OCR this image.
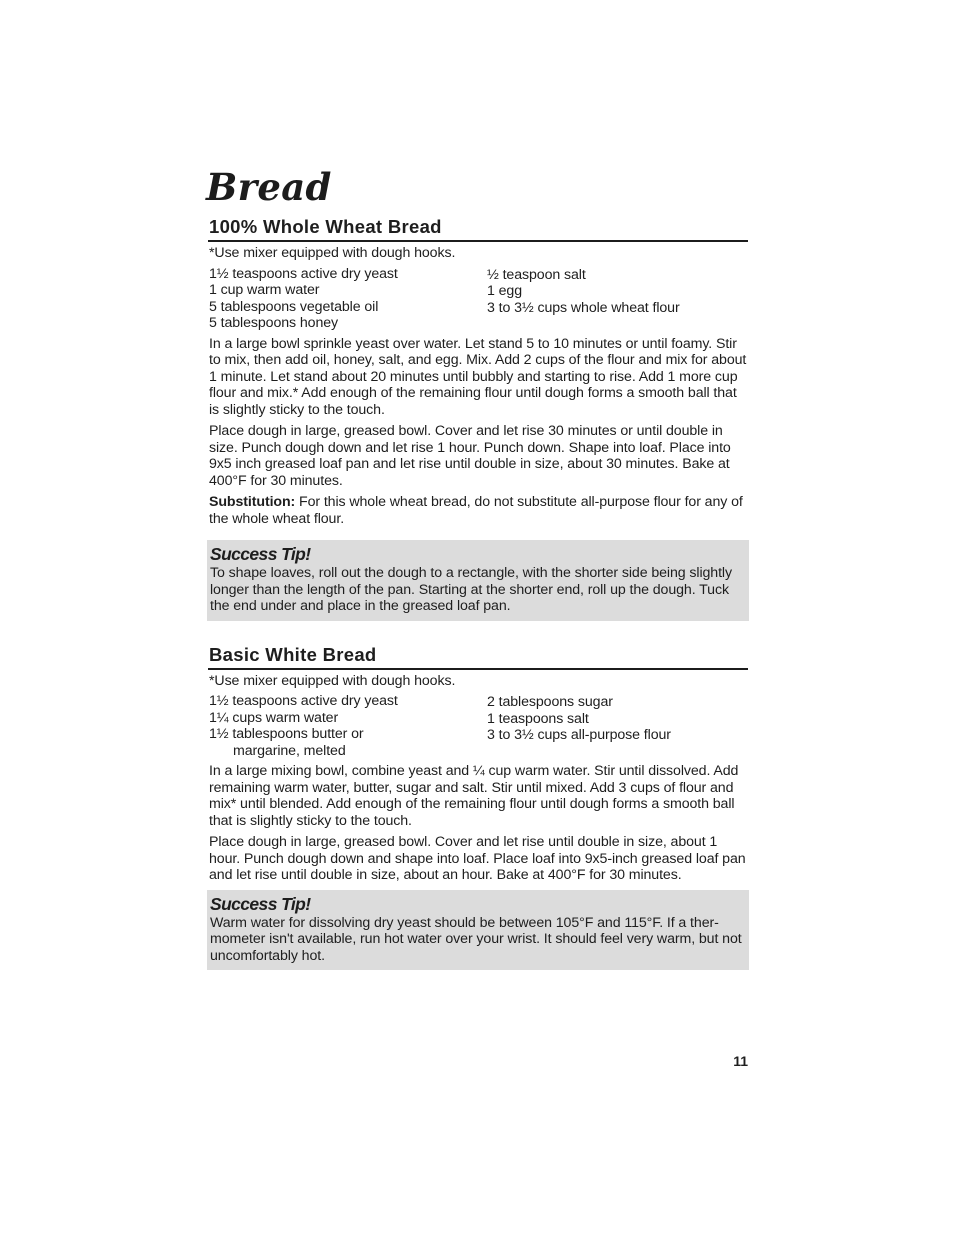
Bread
100% Whole Wheat Bread

*Use mixer equipped with dough hooks.

1½ teaspoons active dry yeast
1 cup warm water
5 tablespoons vegetable oil
5 tablespoons honey
½ teaspoon salt
1 egg
3 to 3½ cups whole wheat flour

In a large bowl sprinkle yeast over water. Let stand 5 to 10 minutes or until foamy. Stir to mix, then add oil, honey, salt, and egg. Mix. Add 2 cups of the flour and mix for about 1 minute. Let stand about 20 minutes until bubbly and starting to rise. Add 1 more cup flour and mix.* Add enough of the remaining flour until dough forms a smooth ball that is slightly sticky to the touch.

Place dough in large, greased bowl. Cover and let rise 30 minutes or until double in size. Punch dough down and let rise 1 hour. Punch down. Shape into loaf. Place into 9x5 inch greased loaf pan and let rise until double in size, about 30 minutes. Bake at 400°F for 30 minutes.

Substitution: For this whole wheat bread, do not substitute all-purpose flour for any of the whole wheat flour.

Success Tip!

To shape loaves, roll out the dough to a rectangle, with the shorter side being slightly longer than the length of the pan. Starting at the shorter end, roll up the dough. Tuck the end under and place in the greased loaf pan.

Basic White Bread

*Use mixer equipped with dough hooks.

1½ teaspoons active dry yeast
1¼ cups warm water
1½ tablespoons butter or
margarine, melted
2 tablespoons sugar
1 teaspoons salt
3 to 3½ cups all-purpose flour

In a large mixing bowl, combine yeast and ¼ cup warm water. Stir until dissolved. Add remaining warm water, butter, sugar and salt. Stir until mixed. Add 3 cups of flour and mix* until blended. Add enough of the remaining flour until dough forms a smooth ball that is slightly sticky to the touch.

Place dough in large, greased bowl. Cover and let rise until double in size, about 1 hour. Punch dough down and shape into loaf. Place loaf into 9x5-inch greased loaf pan and let rise until double in size, about an hour. Bake at 400°F for 30 minutes.

Success Tip!

Warm water for dissolving dry yeast should be between 105°F and 115°F. If a ther-mometer isn't available, run hot water over your wrist. It should feel very warm, but not uncomfortably hot.

11
